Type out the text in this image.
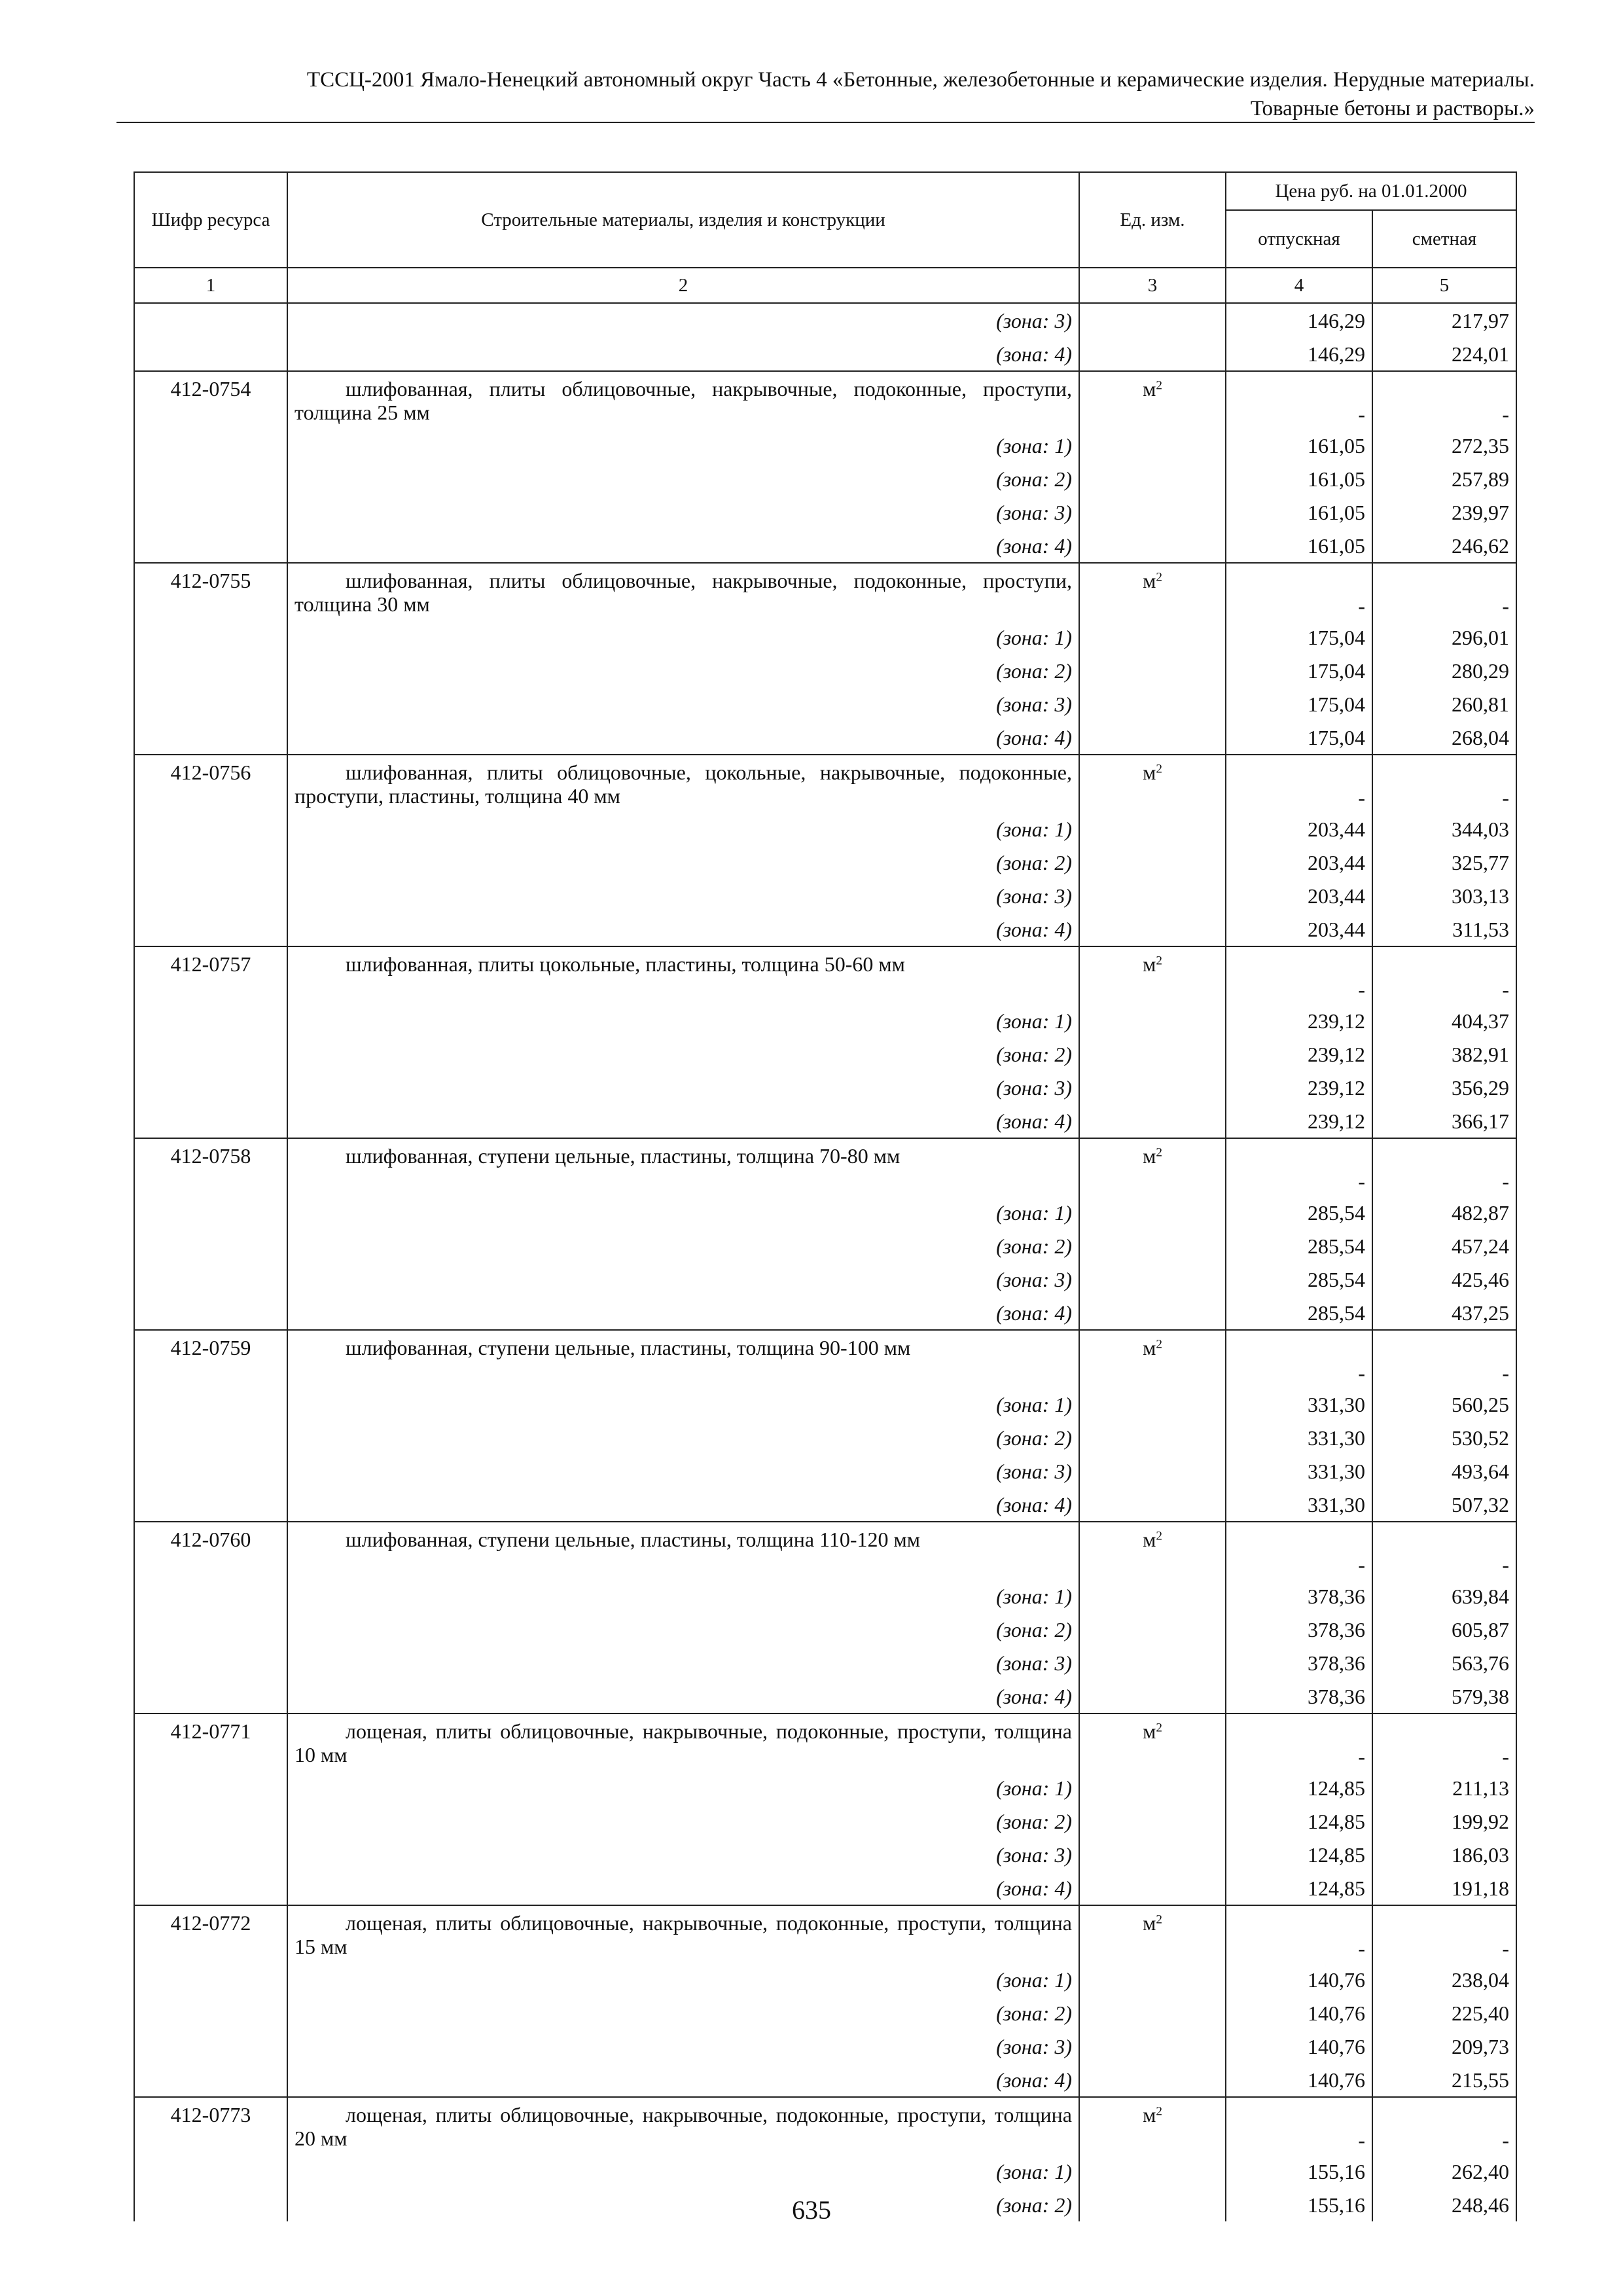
ТССЦ-2001 Ямало-Ненецкий автономный округ Часть 4 «Бетонные, железобетонные и керамические изделия. Нерудные материалы.
Товарные бетоны и растворы.»
Шифр ресурса	Строительные материалы, изделия и конструкции	Ед. изм.	Цена руб. на 01.01.2000	
			отпускная	сметная
1	2	3	4	5
	(зона: 3)		146,29	217,97
	(зона: 4)		146,29	224,01
412-0754	шлифованная, плиты облицовочные, накрывочные, подоконные, проступи, толщина 25 мм	$м^2$	-	-
	(зона: 1)		161,05	272,35
	(зона: 2)		161,05	257,89
	(зона: 3)		161,05	239,97
	(зона: 4)		161,05	246,62
412-0755	шлифованная, плиты облицовочные, накрывочные, подоконные, проступи, толщина 30 мм	$м^2$	-	-
	(зона: 1)		175,04	296,01
	(зона: 2)		175,04	280,29
	(зона: 3)		175,04	260,81
	(зона: 4)		175,04	268,04
412-0756	шлифованная, плиты облицовочные, цокольные, накрывочные, подоконные, проступи, пластины, толщина 40 мм	$м^2$	-	-
	(зона: 1)		203,44	344,03
	(зона: 2)		203,44	325,77
	(зона: 3)		203,44	303,13
	(зона: 4)		203,44	311,53
412-0757	шлифованная, плиты цокольные, пластины, толщина 50-60 мм	$м^2$	-	-
	(зона: 1)		239,12	404,37
	(зона: 2)		239,12	382,91
	(зона: 3)		239,12	356,29
	(зона: 4)		239,12	366,17
412-0758	шлифованная, ступени цельные, пластины, толщина 70-80 мм	$м^2$	-	-
	(зона: 1)		285,54	482,87
	(зона: 2)		285,54	457,24
	(зона: 3)		285,54	425,46
	(зона: 4)		285,54	437,25
412-0759	шлифованная, ступени цельные, пластины, толщина 90-100 мм	$м^2$	-	-
	(зона: 1)		331,30	560,25
	(зона: 2)		331,30	530,52
	(зона: 3)		331,30	493,64
	(зона: 4)		331,30	507,32
412-0760	шлифованная, ступени цельные, пластины, толщина 110-120 мм	$м^2$	-	-
	(зона: 1)		378,36	639,84
	(зона: 2)		378,36	605,87
	(зона: 3)		378,36	563,76
	(зона: 4)		378,36	579,38
412-0771	лощеная, плиты облицовочные, накрывочные, подоконные, проступи, толщина 10 мм	$м^2$	-	-
	(зона: 1)		124,85	211,13
	(зона: 2)		124,85	199,92
	(зона: 3)		124,85	186,03
	(зона: 4)		124,85	191,18
412-0772	лощеная, плиты облицовочные, накрывочные, подоконные, проступи, толщина 15 мм	$м^2$	-	-
	(зона: 1)		140,76	238,04
	(зона: 2)		140,76	225,40
	(зона: 3)		140,76	209,73
	(зона: 4)		140,76	215,55
412-0773	лощеная, плиты облицовочные, накрывочные, подоконные, проступи, толщина 20 мм	$м^2$	-	-
	(зона: 1)		155,16	262,40
	(зона: 2)		155,16	248,46
635
